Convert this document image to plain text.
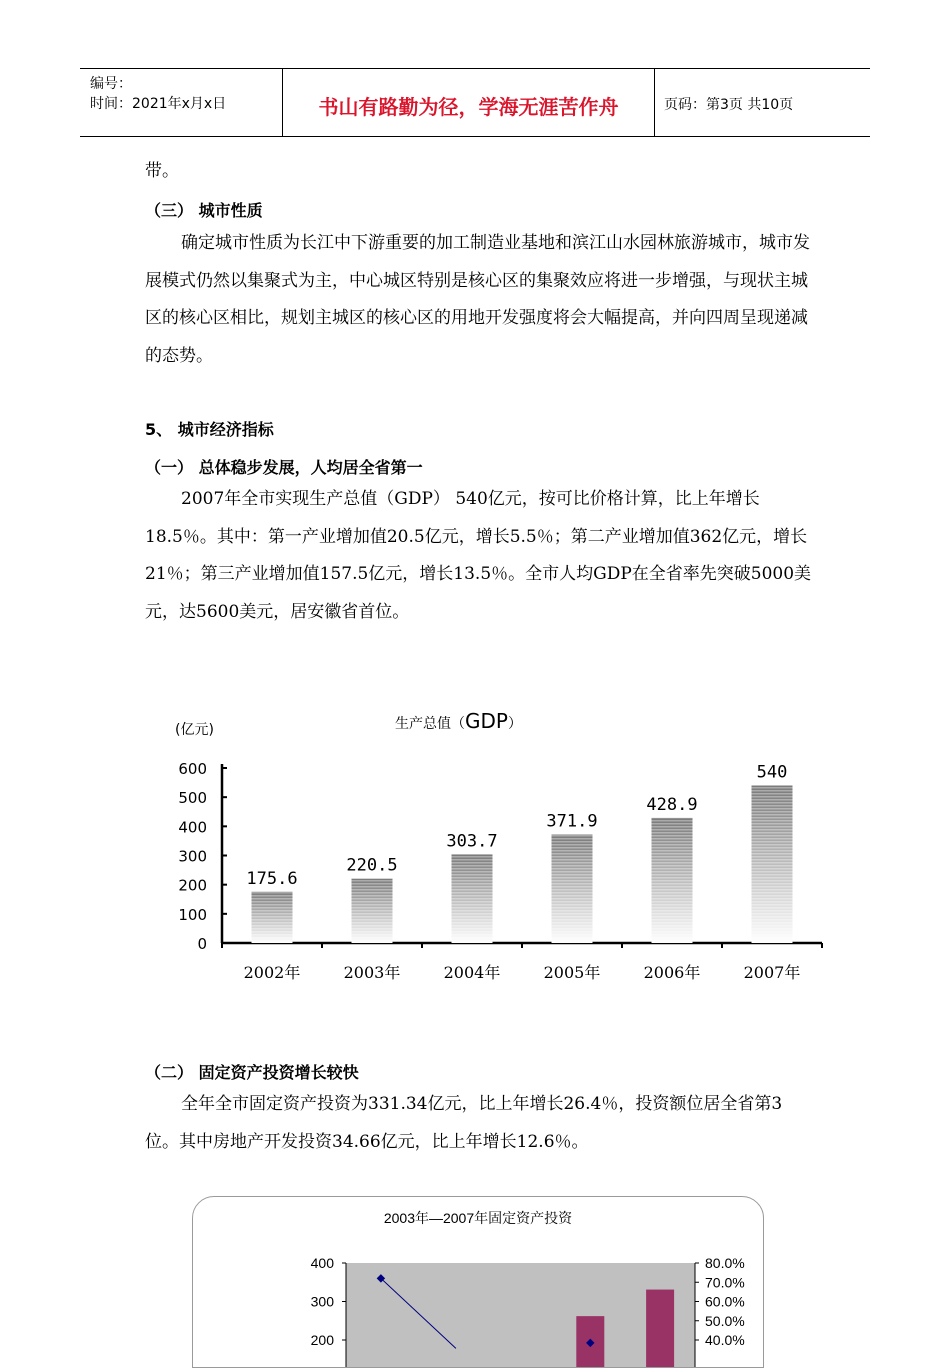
编号：
时间：2021年x月x日	书山有路勤为径，学海无涯苦作舟	页码：第3页 共10页
带。
（三） 城市性质
确定城市性质为长江中下游重要的加工制造业基地和滨江山水园林旅游城市，城市发展模式仍然以集聚式为主，中心城区特别是核心区的集聚效应将进一步增强，与现状主城区的核心区相比，规划主城区的核心区的用地开发强度将会大幅提高，并向四周呈现递减的态势。
5、 城市经济指标
（一） 总体稳步发展，人均居全省第一
2007年全市实现生产总值（GDP） 540亿元，按可比价格计算，比上年增长18.5％。其中：第一产业增加值20.5亿元，增长5.5％；第二产业增加值362亿元，增长21％；第三产业增加值157.5亿元，增长13.5％。全市人均GDP在全省率先突破5000美元，达5600美元，居安徽省首位。
(亿元)	生产总值（GDP）
600
500
400
300
200
100
0
175.6
2002年
220.5
2003年
303.7
2004年
371.9
2005年
428.9
2006年
540
2007年
（二） 固定资产投资增长较快
全年全市固定资产投资为331.34亿元，比上年增长26.4％，投资额位居全省第3位。其中房地产开发投资34.66亿元，比上年增长12.6％。
2003年—2007年固定资产投资
400
300
200
80.0%
70.0%
60.0%
50.0%
40.0%
